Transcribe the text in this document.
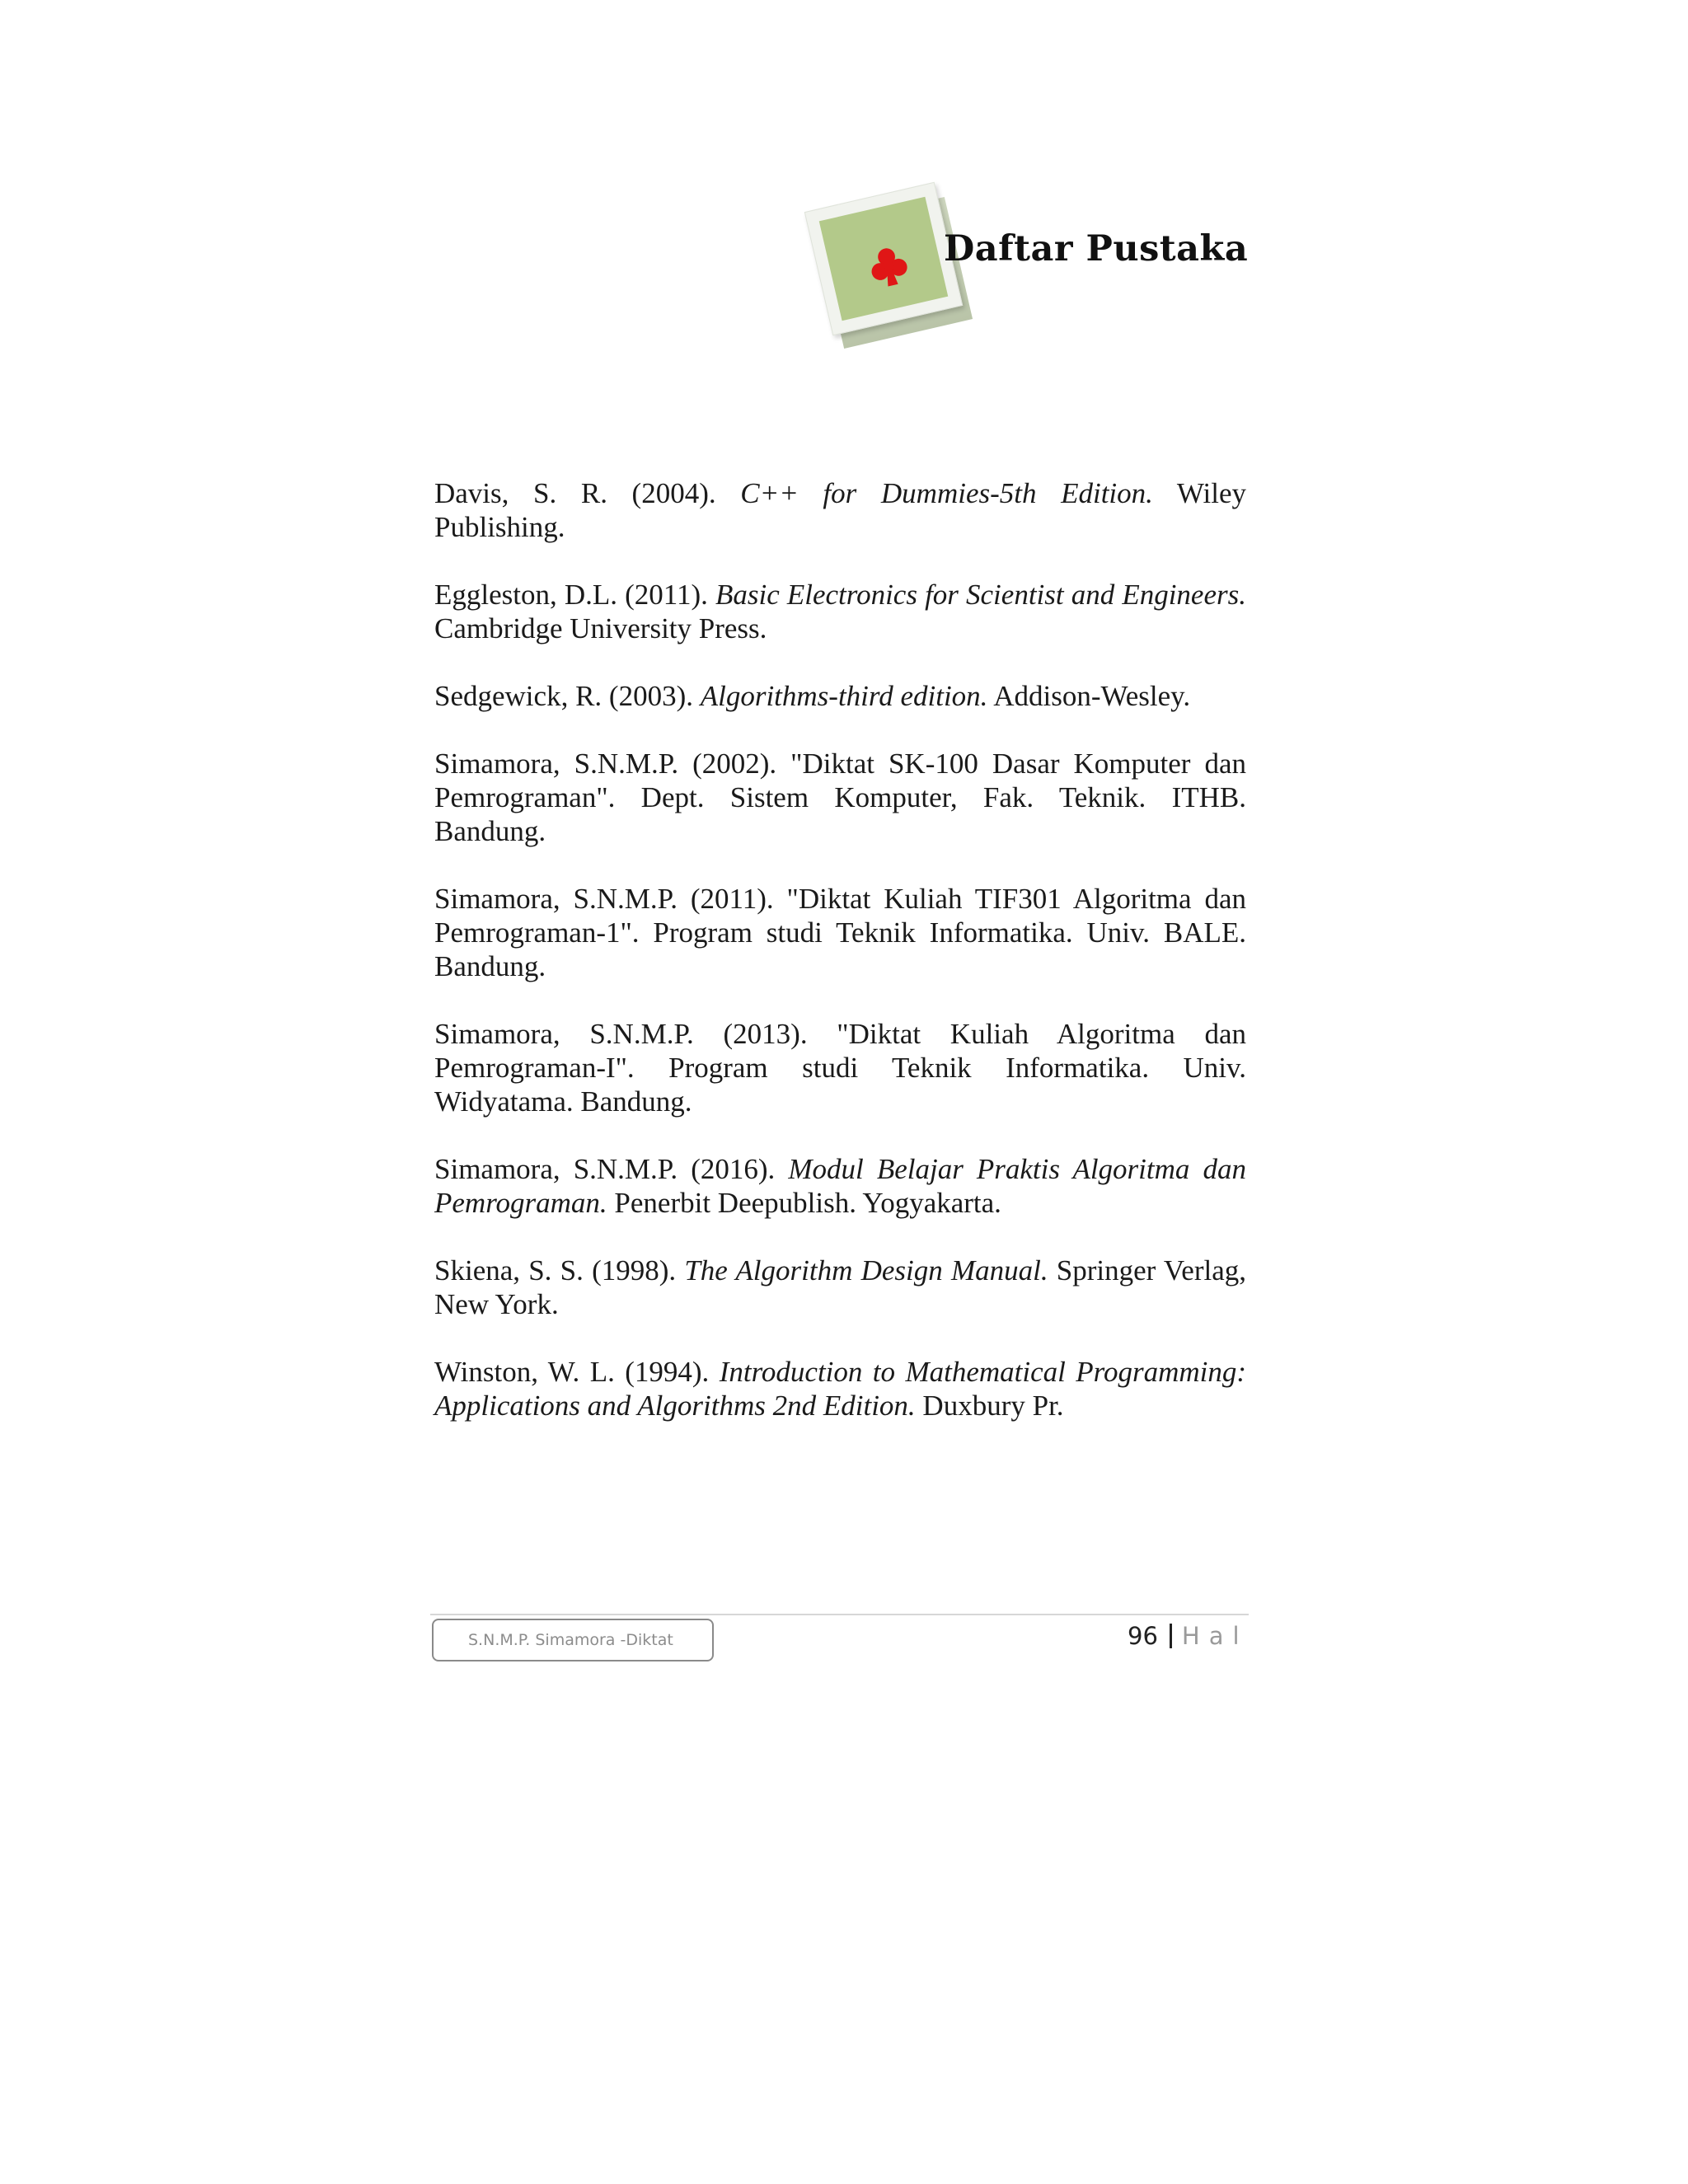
Daftar Pustaka

Davis, S. R. (2004). C++ for Dummies-5th Edition. Wiley Publishing.

Eggleston, D.L. (2011). Basic Electronics for Scientist and Engineers. Cambridge University Press.

Sedgewick, R. (2003). Algorithms-third edition. Addison-Wesley.

Simamora, S.N.M.P. (2002). "Diktat SK-100 Dasar Komputer dan Pemrograman". Dept. Sistem Komputer, Fak. Teknik. ITHB. Bandung.

Simamora, S.N.M.P. (2011). "Diktat Kuliah TIF301 Algoritma dan Pemrograman-1". Program studi Teknik Informatika. Univ. BALE. Bandung.

Simamora, S.N.M.P. (2013). "Diktat Kuliah Algoritma dan Pemrograman-I". Program studi Teknik Informatika. Univ. Widyatama. Bandung.

Simamora, S.N.M.P. (2016). Modul Belajar Praktis Algoritma dan Pemrograman. Penerbit Deepublish. Yogyakarta.

Skiena, S. S. (1998). The Algorithm Design Manual. Springer Verlag, New York.

Winston, W. L. (1994). Introduction to Mathematical Programming: Applications and Algorithms 2nd Edition. Duxbury Pr.

S.N.M.P. Simamora -Diktat	96 Hal
